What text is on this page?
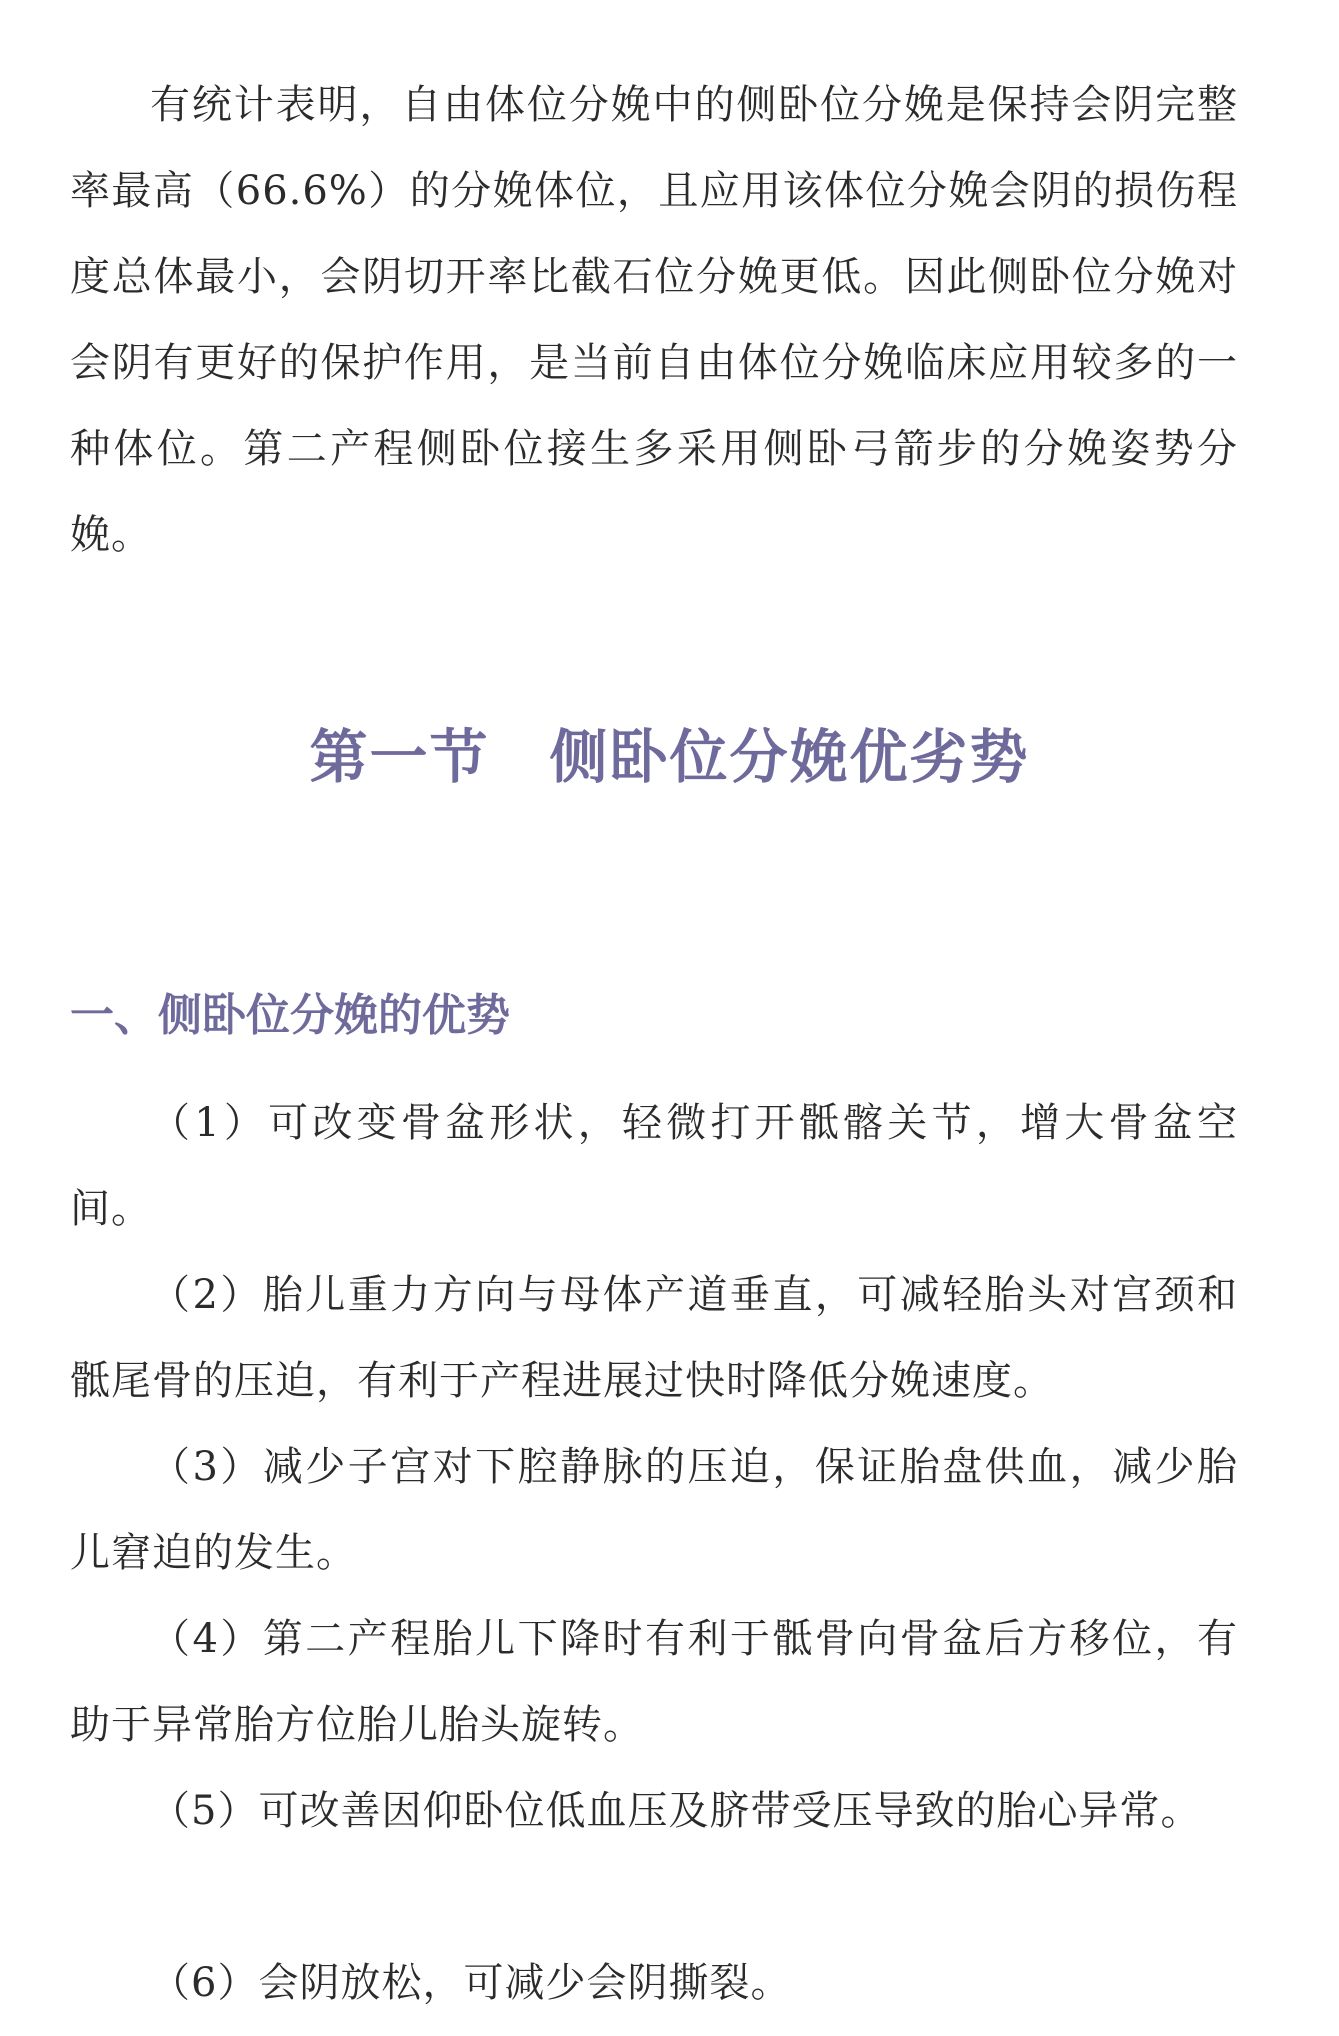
有统计表明，自由体位分娩中的侧卧位分娩是保持会阴完整率最高（66.6%）的分娩体位，且应用该体位分娩会阴的损伤程度总体最小，会阴切开率比截石位分娩更低。因此侧卧位分娩对会阴有更好的保护作用，是当前自由体位分娩临床应用较多的一种体位。第二产程侧卧位接生多采用侧卧弓箭步的分娩姿势分娩。

第一节　侧卧位分娩优劣势
一、侧卧位分娩的优势

（1）可改变骨盆形状，轻微打开骶髂关节，增大骨盆空间。

（2）胎儿重力方向与母体产道垂直，可减轻胎头对宫颈和骶尾骨的压迫，有利于产程进展过快时降低分娩速度。

（3）减少子宫对下腔静脉的压迫，保证胎盘供血，减少胎儿窘迫的发生。

（4）第二产程胎儿下降时有利于骶骨向骨盆后方移位，有助于异常胎方位胎儿胎头旋转。

（5）可改善因仰卧位低血压及脐带受压导致的胎心异常。

（6）会阴放松，可减少会阴撕裂。
